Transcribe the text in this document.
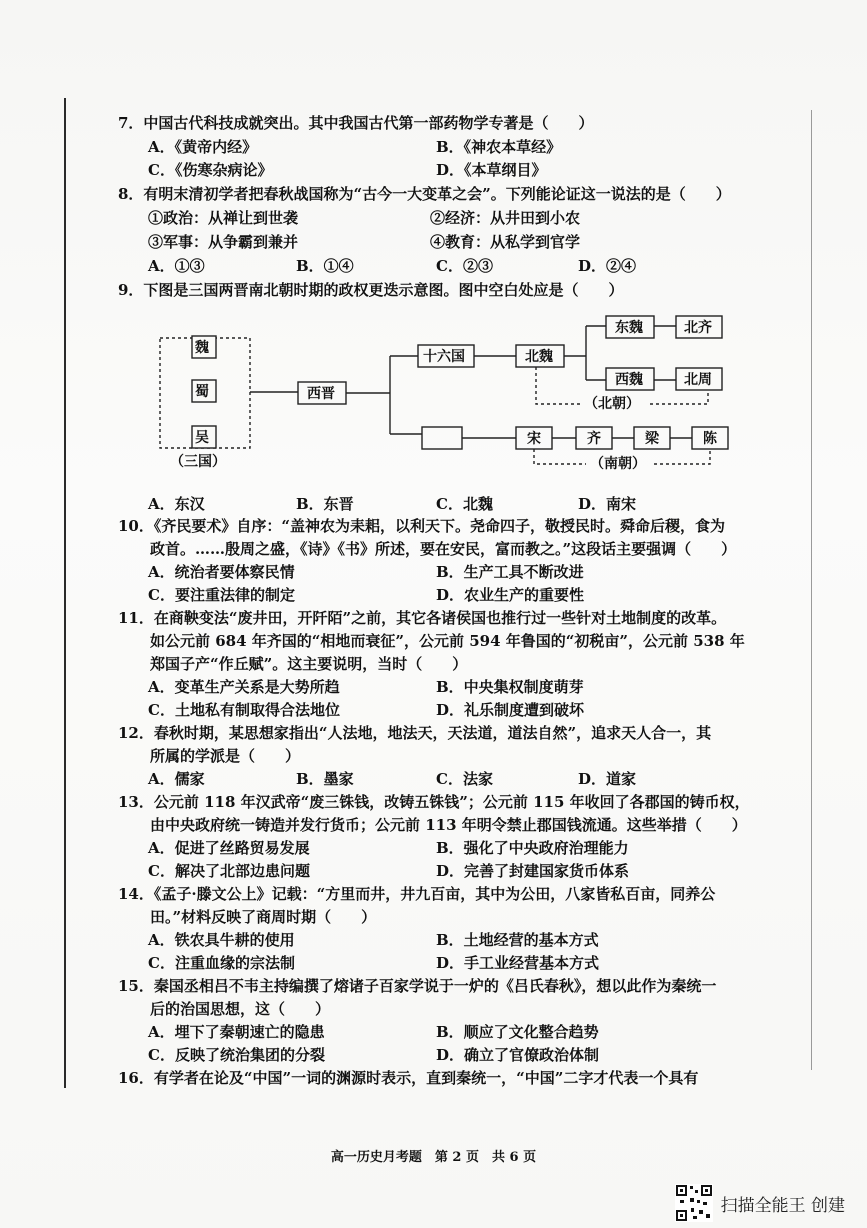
7．中国古代科技成就突出。其中我国古代第一部药物学专著是（　　）
A．《黄帝内经》	B．《神农本草经》
C．《伤寒杂病论》	D．《本草纲目》
8．有明末清初学者把春秋战国称为“古今一大变革之会”。下列能论证这一说法的是（　　）
①政治：从禅让到世袭	②经济：从井田到小农
③军事：从争霸到兼并	④教育：从私学到官学
A．①③	B．①④	C．②③	D．②④
9．下图是三国两晋南北朝时期的政权更迭示意图。图中空白处应是（　　）
魏
蜀
吴
（三国）
西晋
十六国	北魏
东魏	北齐
西魏	北周
（北朝）
宋	齐	梁	陈
（南朝）
A．东汉	B．东晋	C．北魏	D．南宋
10．《齐民要术》自序：“盖神农为耒耜，以利天下。尧命四子，敬授民时。舜命后稷，食为
政首。……殷周之盛，《诗》《书》所述，要在安民，富而教之。”这段话主要强调（　　）
A．统治者要体察民情	B．生产工具不断改进
C．要注重法律的制定	D．农业生产的重要性
11．在商鞅变法“废井田，开阡陌”之前，其它各诸侯国也推行过一些针对土地制度的改革。
如公元前 684 年齐国的“相地而衰征”，公元前 594 年鲁国的“初税亩”，公元前 538 年
郑国子产“作丘赋”。这主要说明，当时（　　）
A．变革生产关系是大势所趋	B．中央集权制度萌芽
C．土地私有制取得合法地位	D．礼乐制度遭到破坏
12．春秋时期，某思想家指出“人法地，地法天，天法道，道法自然”，追求天人合一，其
所属的学派是（　　）
A．儒家	B．墨家	C．法家	D．道家
13．公元前 118 年汉武帝“废三铢钱，改铸五铢钱”；公元前 115 年收回了各郡国的铸币权，
由中央政府统一铸造并发行货币；公元前 113 年明令禁止郡国钱流通。这些举措（　　）
A．促进了丝路贸易发展	B．强化了中央政府治理能力
C．解决了北部边患问题	D．完善了封建国家货币体系
14．《孟子·滕文公上》记载：“方里而井，井九百亩，其中为公田，八家皆私百亩，同养公
田。”材料反映了商周时期（　　）
A．铁农具牛耕的使用	B．土地经营的基本方式
C．注重血缘的宗法制	D．手工业经营基本方式
15．秦国丞相吕不韦主持编撰了熔诸子百家学说于一炉的《吕氏春秋》，想以此作为秦统一
后的治国思想，这（　　）
A．埋下了秦朝速亡的隐患	B．顺应了文化整合趋势
C．反映了统治集团的分裂	D．确立了官僚政治体制
16．有学者在论及“中国”一词的渊源时表示，直到秦统一，“中国”二字才代表一个具有
高一历史月考题　第 2 页　共 6 页
扫描全能王 创建
